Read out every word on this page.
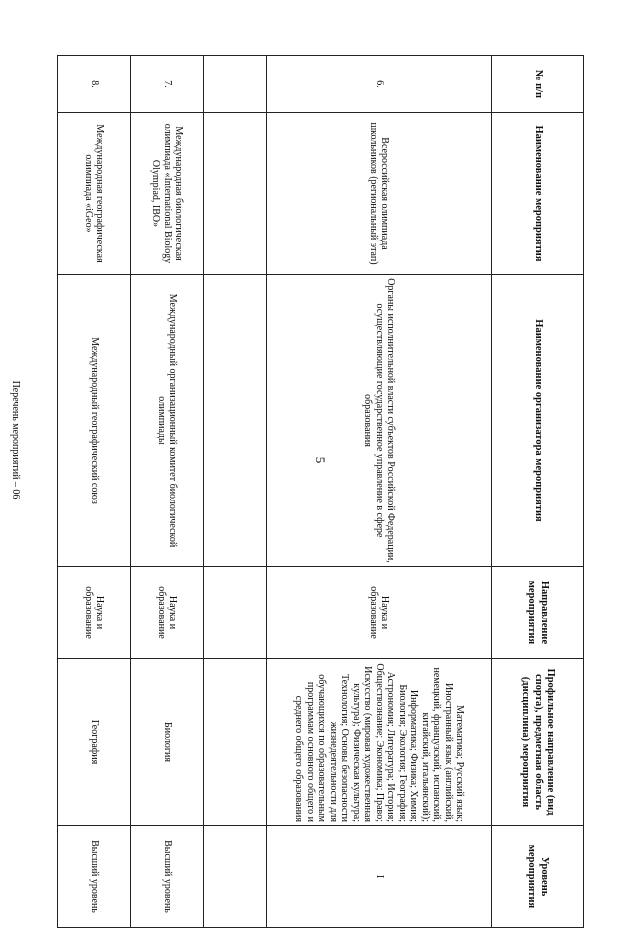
5
Перечень мероприятий – 06
№ п/п	Наименование мероприятия	Наименование организатора мероприятия	Направление мероприятия	Профильное направление (вид спорта), предметная область (дисциплина) мероприятия	Уровень мероприятия
6.	Всероссийская олимпиада школьников (региональный этап)	Органы исполнительной власти субъектов Российской Федерации, осуществляющие государственное управление в сфере образования	Наука и образование	Математика; Русский язык; Иностранный язык (английский, немецкий, французский, испанский, китайский, итальянский); Информатика; Физика; Химия; Биология; Экология; География; Астрономия; Литература; История; Обществознание; Экономика; Право; Искусство (мировая художественная культура); Физическая культура; Технология; Основы безопасности жизнедеятельности для обучающихся по образовательным программам основного общего и среднего общего образования	I

7.	Международная биологическая олимпиада «International Biology Olympiad, IBO»	Международный организационный комитет биологической олимпиады	Наука и образование	Биология	Высший уровень
8.	Международная географическая олимпиада «iGeo»	Международный географический союз	Наука и образование	География	Высший уровень
